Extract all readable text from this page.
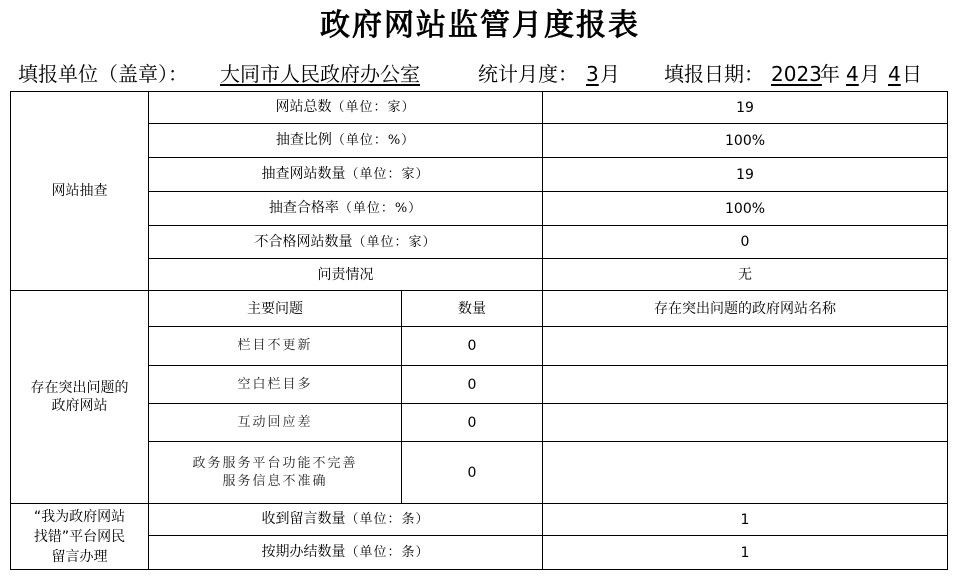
政府网站监管月度报表
填报单位（盖章）： 大同市人民政府办公室	统计月度： 3 月 填报日期： 2023
年 4 月 4 日
网站抽查	网站总数（单位：家）		19
	抽查比例（单位：%）		100%
	抽查网站数量（单位：家）		19
	抽查合格率（单位：%）		100%
	不合格网站数量（单位：家）		0
	问责情况		无

存在突出问题的
政府网站	主要问题	数量	存在突出问题的政府网站名称
	栏目不更新	0	
	空白栏目多	0	
	互动回应差	0	

	政务服务平台功能不完善
服务信息不准确	0	

“我为政府网站
找错”平台网民
留言办理	收到留言数量（单位：条）		1
	按期办结数量（单位：条）		1
